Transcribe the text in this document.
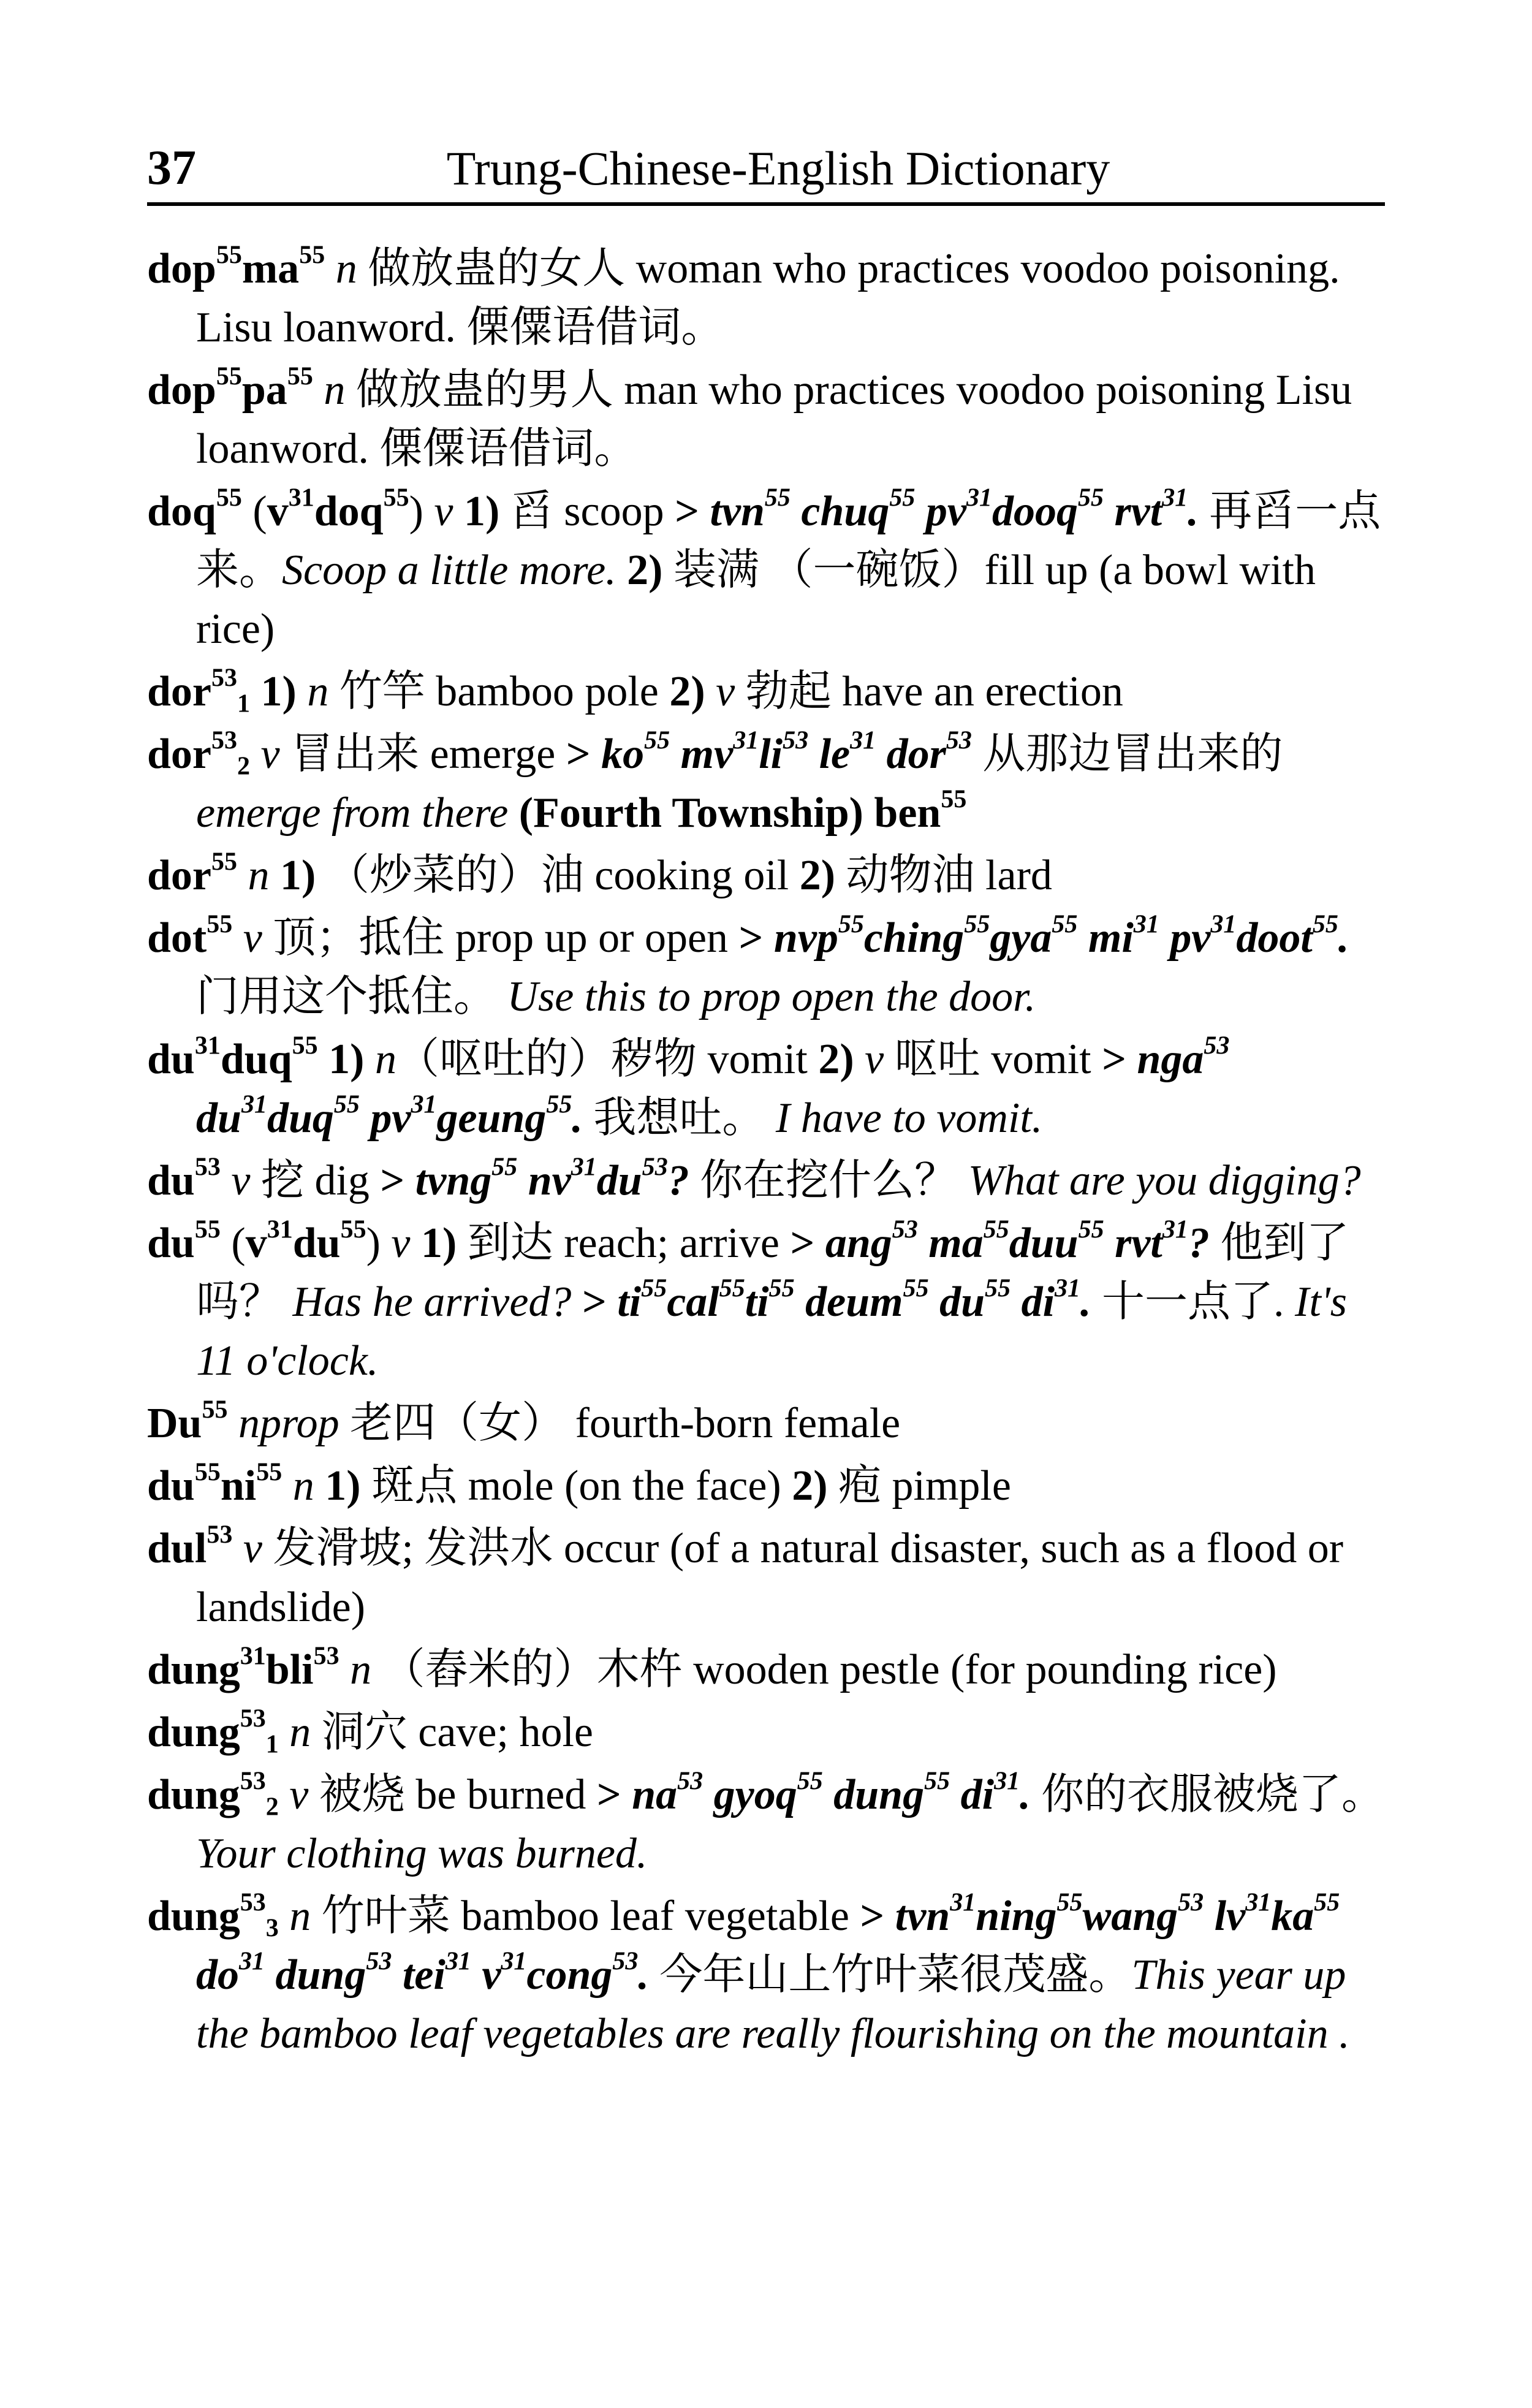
37	Trung-Chinese-English Dictionary

$dop^{55}ma^{55}$ n 做放蛊的女人 woman who practices voodoo poisoning. Lisu loanword. 傈僳语借词。

$dop^{55}pa^{55}$ n 做放蛊的男人 man who practices voodoo poisoning Lisu loanword. 傈僳语借词。

doq$^{55}$ $(v^{31}doq^{55})$ v 1) 舀 scoop > tvn$^{55}$ chuq$^{55}$ $pv^{31}dooq^{55}$ rvt$^{31}$. 再舀一点来。Scoop a little more. 2) 装满 （一碗饭）fill up (a bowl with rice)

dor$^{53}_1$ 1) n 竹竿 bamboo pole 2) v 勃起 have an erection

dor$^{53}_2$ v 冒出来 emerge > $ko^{55}$ $mv^{31}li^{53}$ $le^{31}$ dor$^{53}$ 从那边冒出来的 emerge from there (Fourth Township) ben$^{55}$

dor$^{55}$ n 1) （炒菜的）油 cooking oil 2) 动物油 lard

dot$^{55}$ v 顶；抵住 prop up or open > nvp$^{55}$ching$^{55}$gya$^{55}$ $mi^{31}$ $pv^{31}doot^{55}$. 门用这个抵住。 Use this to prop open the door.

$du^{31}duq^{55}$ 1) n（呕吐的）秽物 vomit 2) v 呕吐 vomit > nga$^{53}$ $du^{31}duq^{55}$ $pv^{31}geung^{55}$. 我想吐。 I have to vomit.

$du^{53}$ v 挖 dig > tvng$^{55}$ $nv^{31}du^{53}$? 你在挖什么？ What are you digging?

$du^{55}$ $(v^{31}du^{55})$ v 1) 到达 reach; arrive > ang$^{53}$ $ma^{55}duu^{55}$ rvt$^{31}$? 他到了吗？ Has he arrived? > $ti^{55}cal^{55}ti^{55}$ deum$^{55}$ $du^{55}$ $di^{31}$. 十一点了. It's 11 o'clock.

Du$^{55}$ nprop 老四（女） fourth-born female

$du^{55}ni^{55}$ n 1) 斑点 mole (on the face) 2) 疱 pimple

dul$^{53}$ v 发滑坡; 发洪水 occur (of a natural disaster, such as a flood or landslide)

dung$^{31}$bli$^{53}$ n （舂米的）木杵 wooden pestle (for pounding rice)

dung$^{53}_1$ n 洞穴 cave; hole

dung$^{53}_2$ v 被烧 be burned > $na^{53}$ gyoq$^{55}$ dung$^{55}$ $di^{31}$. 你的衣服被烧了。 Your clothing was burned.

dung$^{53}_3$ n 竹叶菜 bamboo leaf vegetable > tvn$^{31}$ning$^{55}$wang$^{53}$ $lv^{31}ka^{55}$ $do^{31}$ dung$^{53}$ tei$^{31}$ $v^{31}cong^{53}$. 今年山上竹叶菜很茂盛。This year up the bamboo leaf vegetables are really flourishing on the mountain .
